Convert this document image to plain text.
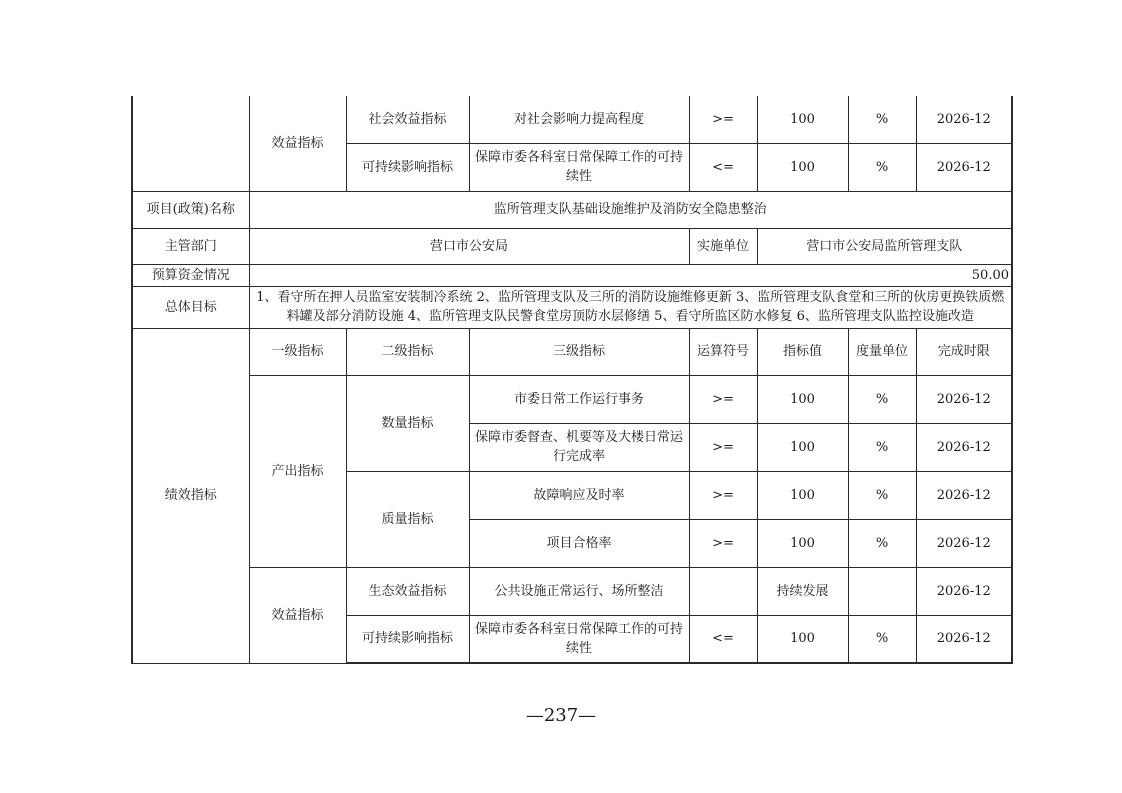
	效益指标	社会效益指标	对社会影响力提高程度	>=	100	%	2026-12
		可持续影响指标	保障市委各科室日常保障工作的可持续性	<=	100	%	2026-12
项目(政策)名称	监所管理支队基础设施维护及消防安全隐患整治						
主管部门	营口市公安局			实施单位	营口市公安局监所管理支队		
预算资金情况	50.00						
总体目标	1、看守所在押人员监室安装制冷系统 2、监所管理支队及三所的消防设施维修更新 3、监所管理支队食堂和三所的伙房更换铁质燃料罐及部分消防设施 4、监所管理支队民警食堂房顶防水层修缮 5、看守所监区防水修复 6、监所管理支队监控设施改造						
绩效指标	一级指标	二级指标	三级指标	运算符号	指标值	度量单位	完成时限
	产出指标	数量指标	市委日常工作运行事务	>=	100	%	2026-12
			保障市委督查、机要等及大楼日常运行完成率	>=	100	%	2026-12
		质量指标	故障响应及时率	>=	100	%	2026-12
			项目合格率	>=	100	%	2026-12
	效益指标	生态效益指标	公共设施正常运行、场所整洁		持续发展		2026-12
		可持续影响指标	保障市委各科室日常保障工作的可持续性	<=	100	%	2026-12
—237—
